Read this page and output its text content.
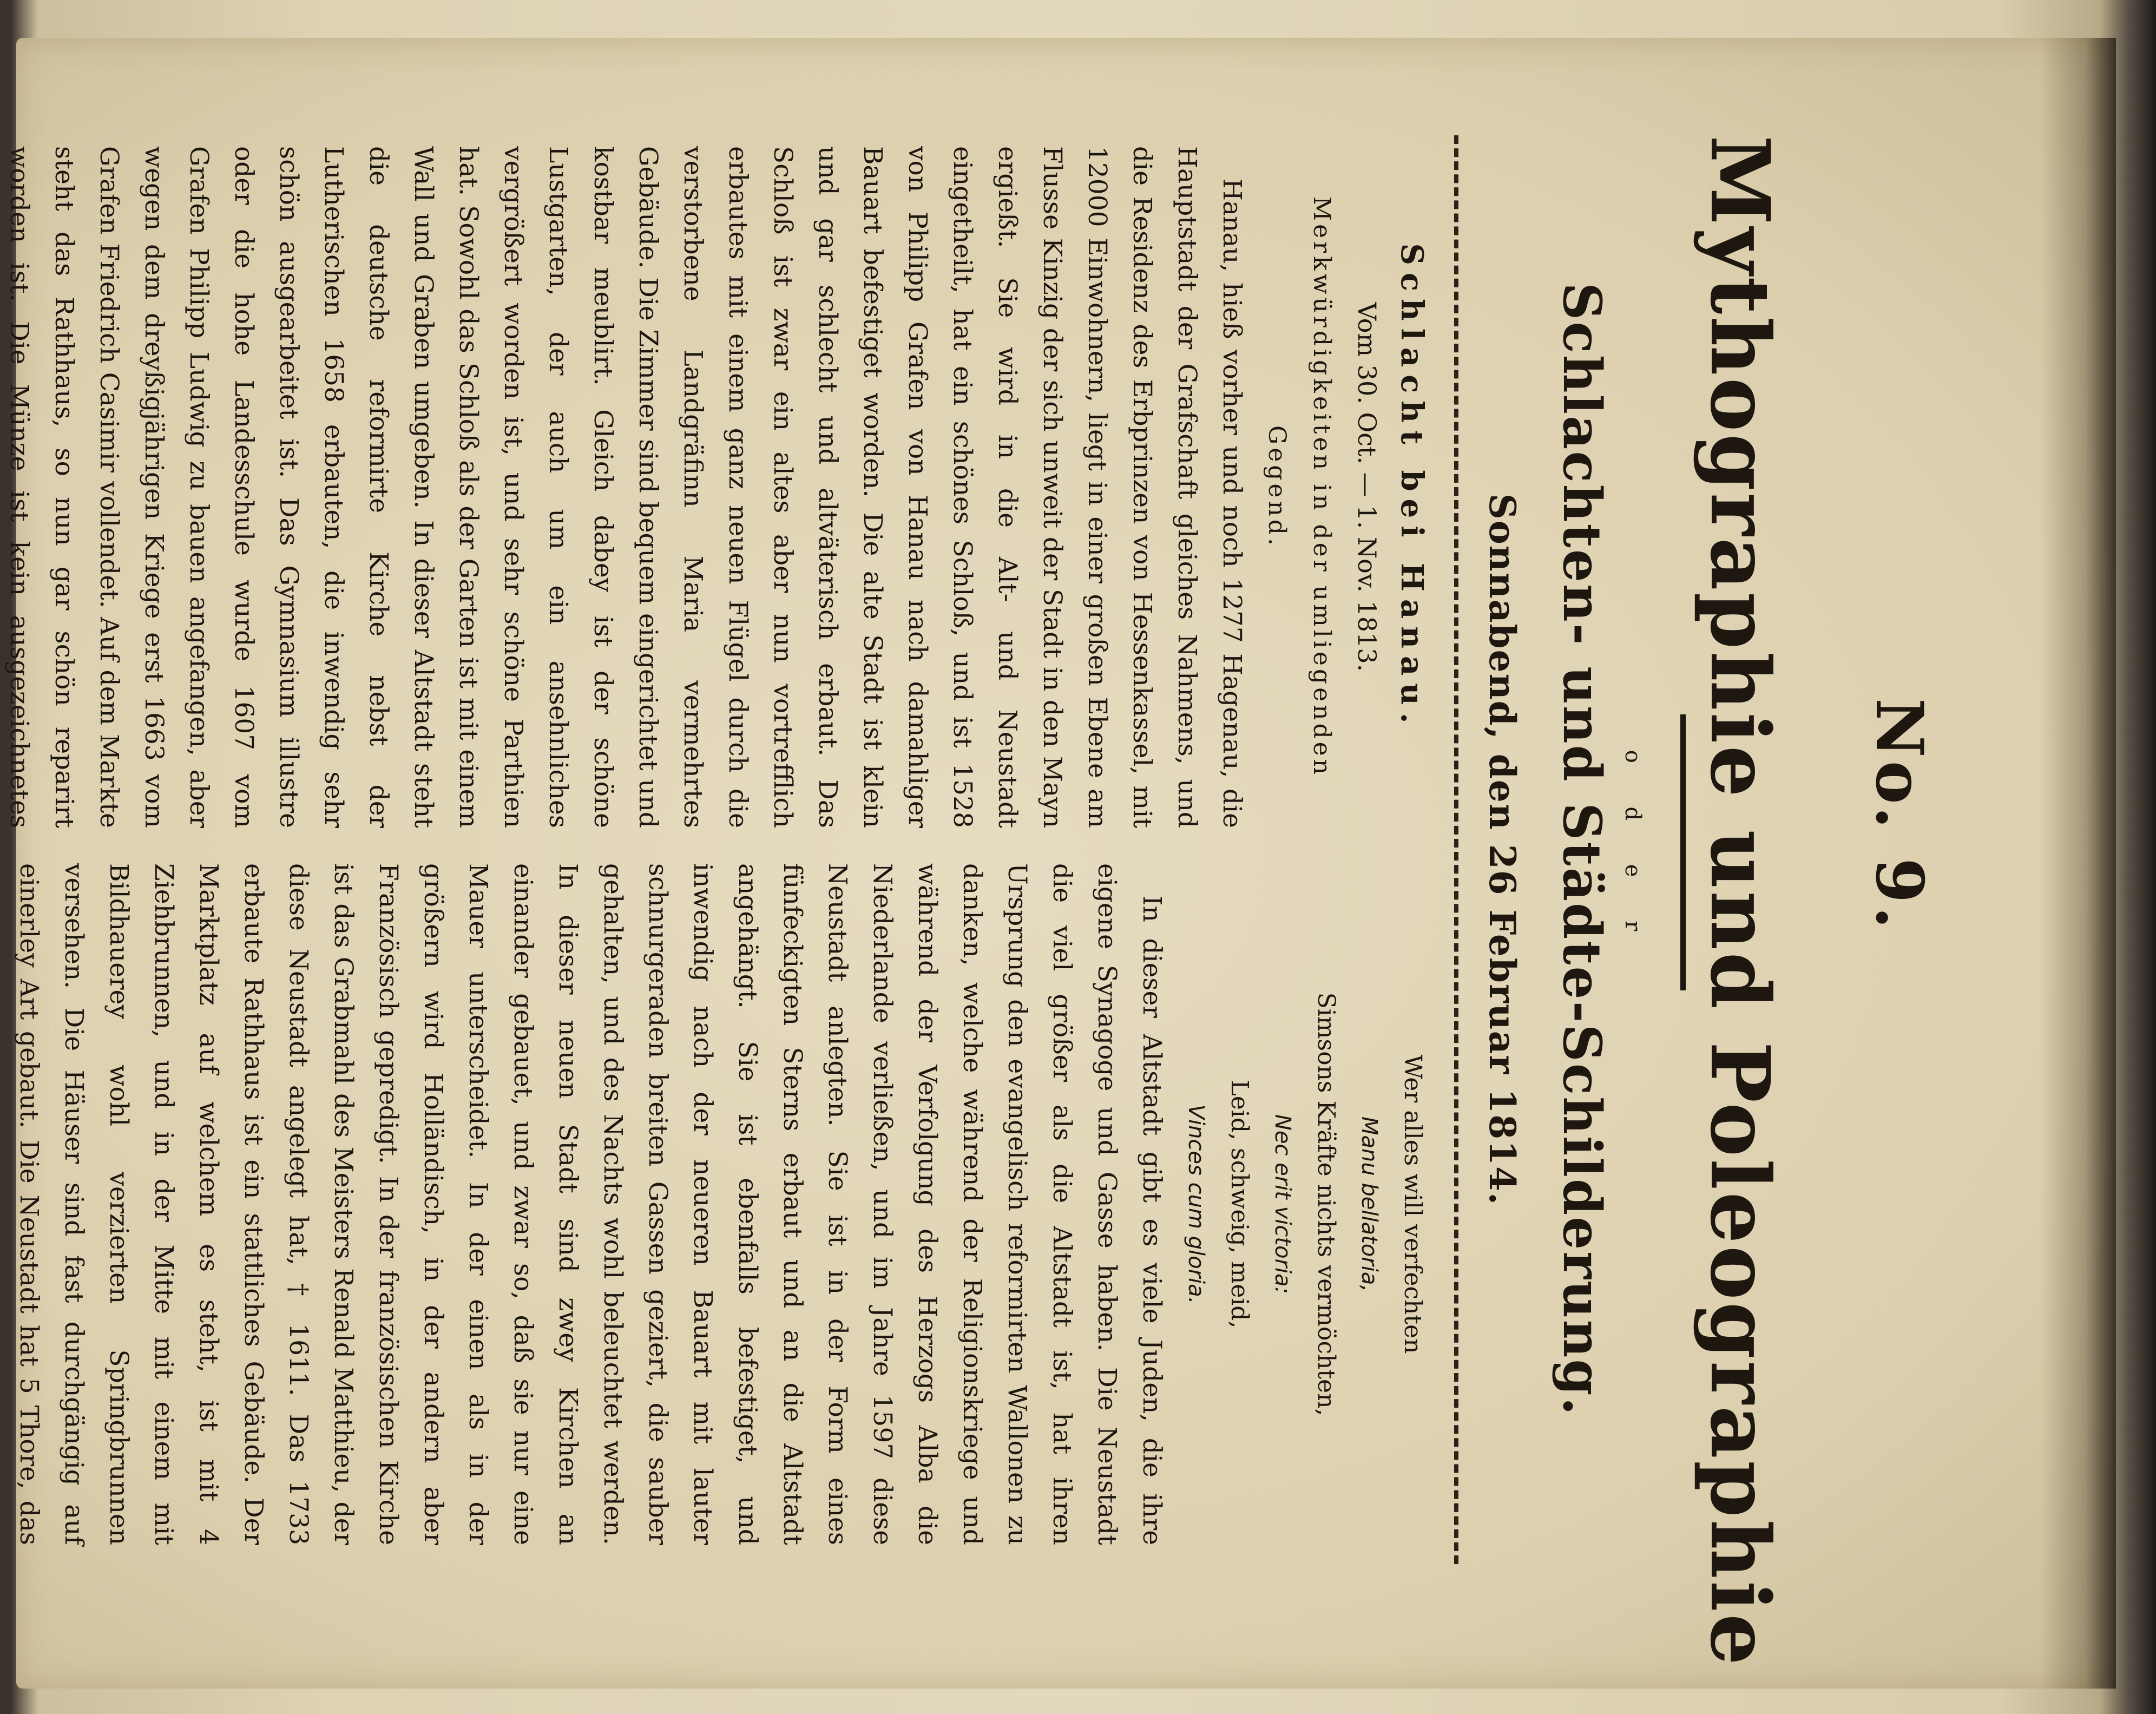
No. 9.
Mythographie und Poleographie
o d e r
Schlachten- und Städte-Schilderung.
Sonnabend, den 26 Februar 1814.

Schlacht bei Hanau.

Vom 30. Oct. — 1. Nov. 1813.

Merkwürdigkeiten in der umliegenden

Gegend.

Hanau, hieß vorher und noch 1277 Hagenau, die Hauptstadt der Grafschaft gleiches Nahmens, und die Residenz des Erbprinzen von Hessenkassel, mit 12000 Einwohnern, liegt in einer großen Ebene am Flusse Kinzig der sich unweit der Stadt in den Mayn ergießt. Sie wird in die Alt- und Neustadt eingetheilt, hat ein schönes Schloß, und ist 1528 von Philipp Grafen von Hanau nach damahliger Bauart befestiget worden. Die alte Stadt ist klein und gar schlecht und altväterisch erbaut. Das Schloß ist zwar ein altes aber nun vortrefflich erbautes mit einem ganz neuen Flügel durch die verstorbene Landgräfinn Maria vermehrtes Gebäude. Die Zimmer sind bequem eingerichtet und kostbar meublirt. Gleich dabey ist der schöne Lustgarten, der auch um ein ansehnliches vergrößert worden ist, und sehr schöne Parthien hat. Sowohl das Schloß als der Garten ist mit einem Wall und Graben umgeben. In dieser Altstadt steht die deutsche reformirte Kirche nebst der Lutherischen 1658 erbauten, die inwendig sehr schön ausgearbeitet ist. Das Gymnasium illustre oder die hohe Landesschule wurde 1607 vom Grafen Philipp Ludwig zu bauen angefangen, aber wegen dem dreyßigjährigen Kriege erst 1663 vom Grafen Friedrich Casimir vollendet. Auf dem Markte steht das Rathhaus, so nun gar schön reparirt worden ist. Die Münze ist kein ausgezeichnetes

Wer alles will verfechten

Manu bellatoria,

Simsons Kräfte nichts vermöchten,

Nec erit victoria:

Leid, schweig, meid,

Vinces cum gloria.

In dieser Altstadt gibt es viele Juden, die ihre eigene Synagoge und Gasse haben. Die Neustadt die viel größer als die Altstadt ist, hat ihren Ursprung den evangelisch reformirten Wallonen zu danken, welche während der Religionskriege und während der Verfolgung des Herzogs Alba die Niederlande verließen, und im Jahre 1597 diese Neustadt anlegten. Sie ist in der Form eines fünfeckigten Sterns erbaut und an die Altstadt angehängt. Sie ist ebenfalls befestiget, und inwendig nach der neueren Bauart mit lauter schnurgeraden breiten Gassen geziert, die sauber gehalten, und des Nachts wohl beleuchtet werden. In dieser neuen Stadt sind zwey Kirchen an einander gebauet, und zwar so, daß sie nur eine Mauer unterscheidet. In der einen als in der größern wird Holländisch, in der andern aber Französisch gepredigt. In der französischen Kirche ist das Grabmahl des Meisters Renald Matthieu, der diese Neustadt angelegt hat, † 1611. Das 1733 erbaute Rathhaus ist ein stattliches Gebäude. Der Marktplatz auf welchem es steht, ist mit 4 Ziehbrunnen, und in der Mitte mit einem mit Bildhauerey wohl verzierten Springbrunnen versehen. Die Häuser sind fast durchgängig auf einerley Art gebaut. Die Neustadt hat 5 Thore, das
